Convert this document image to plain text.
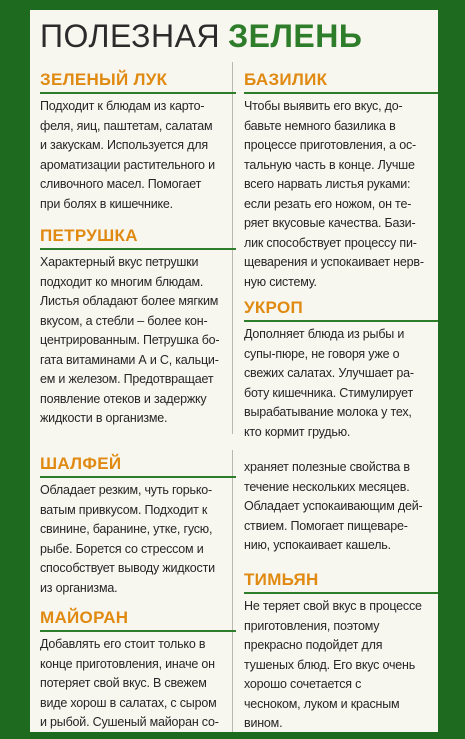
ПОЛЕЗНАЯ ЗЕЛЕНЬ
ЗЕЛЕНЫЙ ЛУК
Подходит к блюдам из карто-
феля, яиц, паштетам, салатам
и закускам. Используется для
ароматизации растительного и
сливочного масел. Помогает
при болях в кишечнике.
ПЕТРУШКА
Характерный вкус петрушки
подходит ко многим блюдам.
Листья обладают более мягким
вкусом, а стебли – более кон-
центрированным. Петрушка бо-
гата витаминами А и С, кальци-
ем и железом. Предотвращает
появление отеков и задержку
жидкости в организме.
ШАЛФЕЙ
Обладает резким, чуть горько-
ватым привкусом. Подходит к
свинине, баранине, утке, гусю,
рыбе. Борется со стрессом и
способствует выводу жидкости
из организма.
МАЙОРАН
Добавлять его стоит только в
конце приготовления, иначе он
потеряет свой вкус. В свежем
виде хорош в салатах, с сыром
и рыбой. Сушеный майоран со-
БАЗИЛИК
Чтобы выявить его вкус, до-
бавьте немного базилика в
процессе приготовления, а ос-
тальную часть в конце. Лучше
всего нарвать листья руками:
если резать его ножом, он те-
ряет вкусовые качества. Бази-
лик способствует процессу пи-
щеварения и успокаивает нерв-
ную систему.
УКРОП
Дополняет блюда из рыбы и
супы-пюре, не говоря уже о
свежих салатах. Улучшает ра-
боту кишечника. Стимулирует
вырабатывание молока у тех,
кто кормит грудью.
храняет полезные свойства в
течение нескольких месяцев.
Обладает успокаивающим дей-
ствием. Помогает пищеваре-
нию, успокаивает кашель.
ТИМЬЯН
Не теряет свой вкус в процессе
приготовления, поэтому
прекрасно подойдет для
тушеных блюд. Его вкус очень
хорошо сочетается с
чесноком, луком и красным
вином.
